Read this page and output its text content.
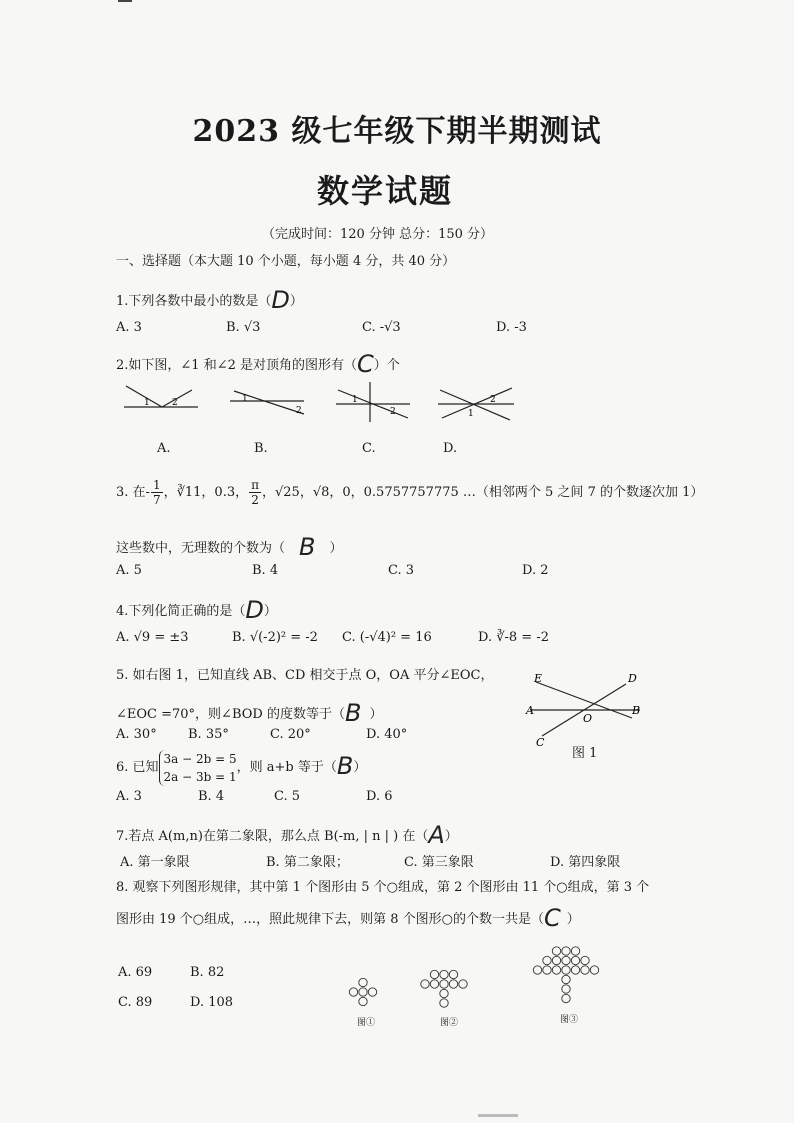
2023 级七年级下期半期测试
数学试题
（完成时间：120 分钟 总分：150 分）
一、选择题（本大题 10 个小题，每小题 4 分，共 40 分）
1.下列各数中最小的数是（D）
A. 3	B. √3	C. -√3	D. -3
2.如下图，∠1 和∠2 是对顶角的图形有（C）个
1 2	1
2
1
2	1
2
A.	B.	C.	D.
3. 在- $\frac{1}{7}$ ，∛11，0.3， $\frac{\pi}{2}$ ，√25，√8，0，0.5757757775 …（相邻两个 5 之间 7 的个数逐次加 1）
这些数中，无理数的个数为（ B ）
A. 5	B. 4	C. 3	D. 2
4.下列化简正确的是（D）
A. √9 = ±3	B. √(-2)² = -2 C. (-√4)² = 16	D. ∛-8 = -2
5. 如右图 1，已知直线 AB、CD 相交于点 O，OA 平分∠EOC，
∠EOC =70°，则∠BOD 的度数等于（B ）
A. 30° B. 35°	C. 20°	D. 40°
E	D
A
O
B
C
图 1
6. 已知
3a − 2b = 5
2a − 3b = 1
，则 a+b 等于（B）
A. 3	B. 4	C. 5	D. 6
7.若点 A(m,n)在第二象限，那么点 B(-m, | n | ) 在（A）
A. 第一象限	B. 第二象限；	C. 第三象限	D. 第四象限
8. 观察下列图形规律，其中第 1 个图形由 5 个○组成，第 2 个图形由 11 个○组成，第 3 个
图形由 19 个○组成，…，照此规律下去，则第 8 个图形○的个数一共是（C ）
A. 69	B. 82
C. 89	D. 108
图①	图②	图③
